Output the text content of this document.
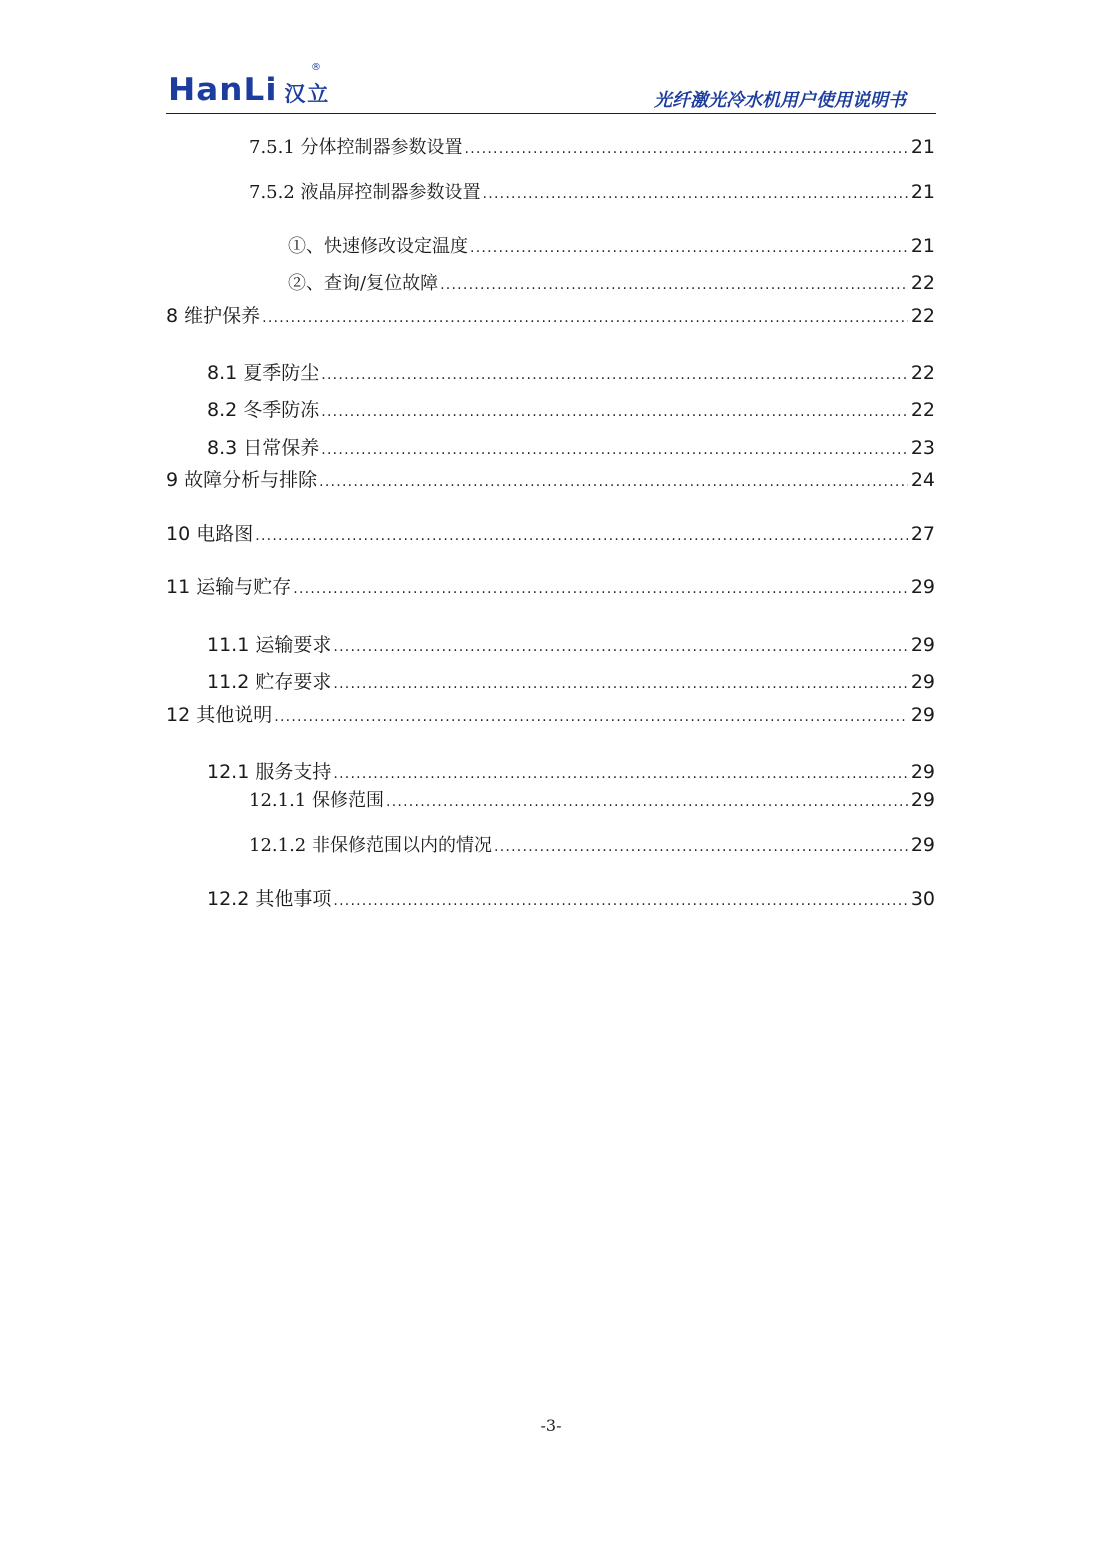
HanLi 汉立
®
光纤激光冷水机用户使用说明书
7.5.1 分体控制器参数设置 . . .	21
7.5.2 液晶屏控制器参数设置 . . .	21
①、快速修改设定温度 . . .	21
②、查询/复位故障 . . .	22
8 维护保养 . . .	22
8.1 夏季防尘 . . .	22
8.2 冬季防冻 . . .	22
8.3 日常保养 . . .	23
9 故障分析与排除 . . .	24
10 电路图 . . .	27
11 运输与贮存 . . .	29
11.1 运输要求 . . .	29
11.2 贮存要求 . . .	29
12 其他说明 . . .	29
12.1 服务支持 . . .	29
12.1.1 保修范围 . . .	29
12.1.2 非保修范围以内的情况 . . .	29
12.2 其他事项 . . .	30
-3-
